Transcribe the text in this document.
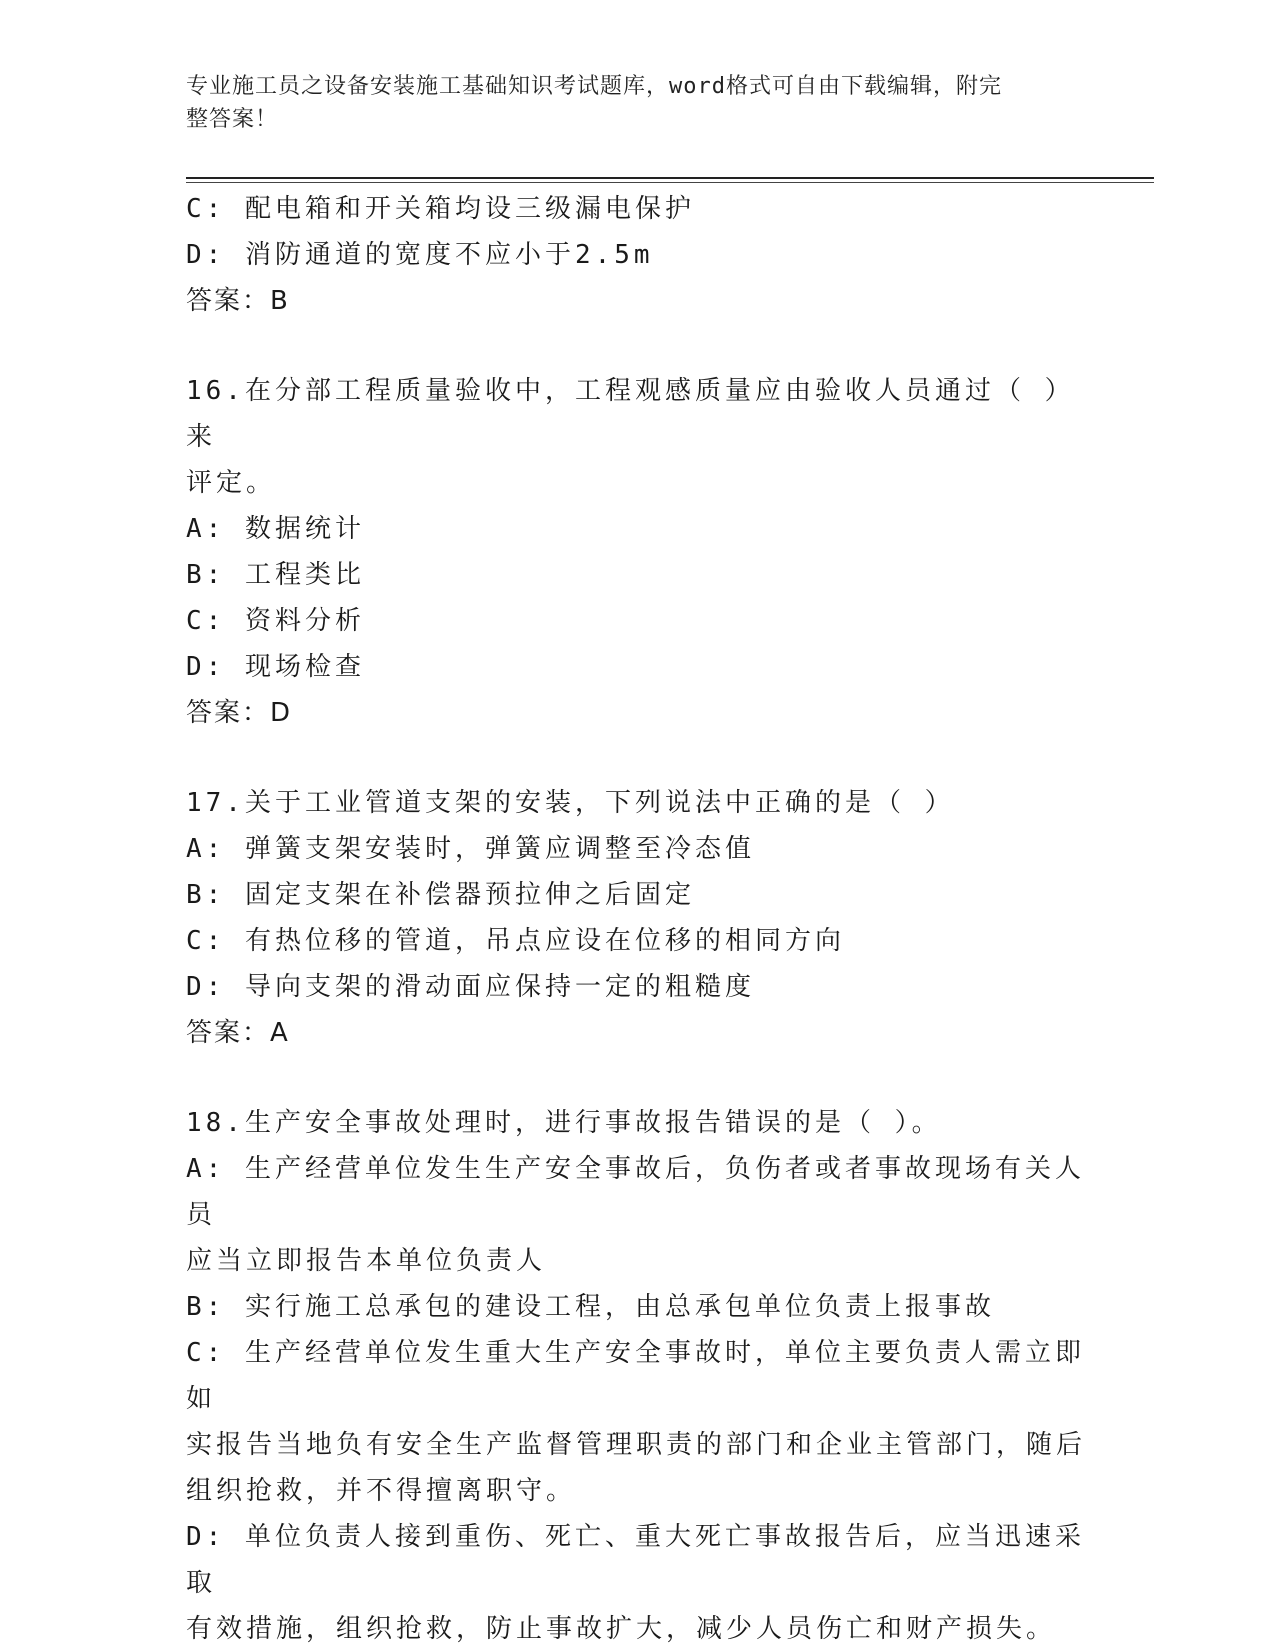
专业施工员之设备安装施工基础知识考试题库，word格式可自由下载编辑，附完
整答案！
C: 配电箱和开关箱均设三级漏电保护
D: 消防通道的宽度不应小于2.5m
答案：B
16.在分部工程质量验收中，工程观感质量应由验收人员通过（ ）来
评定。
A: 数据统计
B: 工程类比
C: 资料分析
D: 现场检查
答案：D
17.关于工业管道支架的安装，下列说法中正确的是（ ）
A: 弹簧支架安装时，弹簧应调整至冷态值
B: 固定支架在补偿器预拉伸之后固定
C: 有热位移的管道，吊点应设在位移的相同方向
D: 导向支架的滑动面应保持一定的粗糙度
答案：A
18.生产安全事故处理时，进行事故报告错误的是（ ）。
A: 生产经营单位发生生产安全事故后，负伤者或者事故现场有关人员
应当立即报告本单位负责人
B: 实行施工总承包的建设工程，由总承包单位负责上报事故
C: 生产经营单位发生重大生产安全事故时，单位主要负责人需立即如
实报告当地负有安全生产监督管理职责的部门和企业主管部门，随后
组织抢救，并不得擅离职守。
D: 单位负责人接到重伤、死亡、重大死亡事故报告后，应当迅速采取
有效措施，组织抢救，防止事故扩大，减少人员伤亡和财产损失。
